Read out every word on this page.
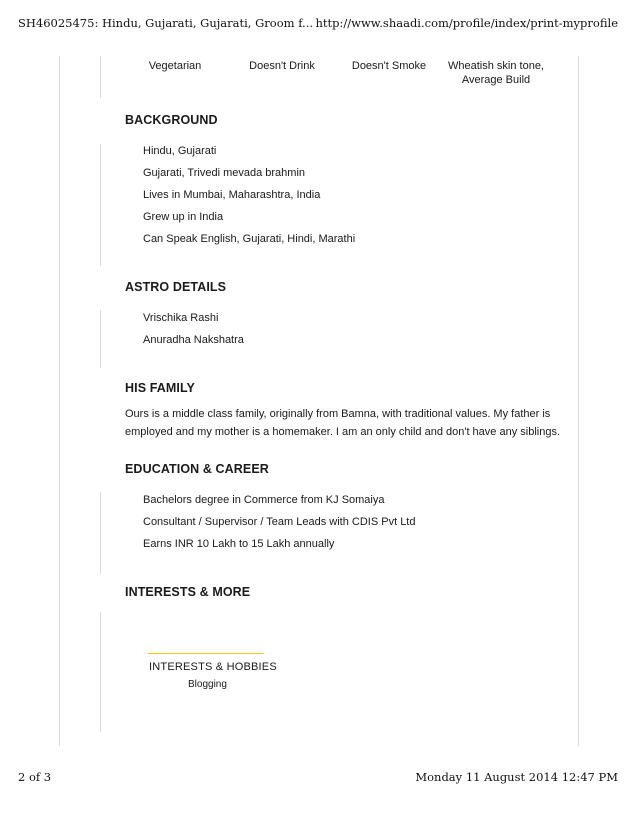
SH46025475: Hindu, Gujarati, Gujarati, Groom f... http://www.shaadi.com/profile/index/print-myprofile
Vegetarian	Doesn't Drink	Doesn't Smoke	Wheatish skin tone,
Average Build
BACKGROUND
Hindu, Gujarati
Gujarati, Trivedi mevada brahmin
Lives in Mumbai, Maharashtra, India
Grew up in India
Can Speak English, Gujarati, Hindi, Marathi
ASTRO DETAILS
Vrischika Rashi
Anuradha Nakshatra
HIS FAMILY
Ours is a middle class family, originally from Bamna, with traditional values. My father is
employed and my mother is a homemaker. I am an only child and don't have any siblings.
EDUCATION & CAREER
Bachelors degree in Commerce from KJ Somaiya
Consultant / Supervisor / Team Leads with CDIS Pvt Ltd
Earns INR 10 Lakh to 15 Lakh annually
INTERESTS & MORE
INTERESTS & HOBBIES
Blogging
2 of 3	Monday 11 August 2014 12:47 PM
